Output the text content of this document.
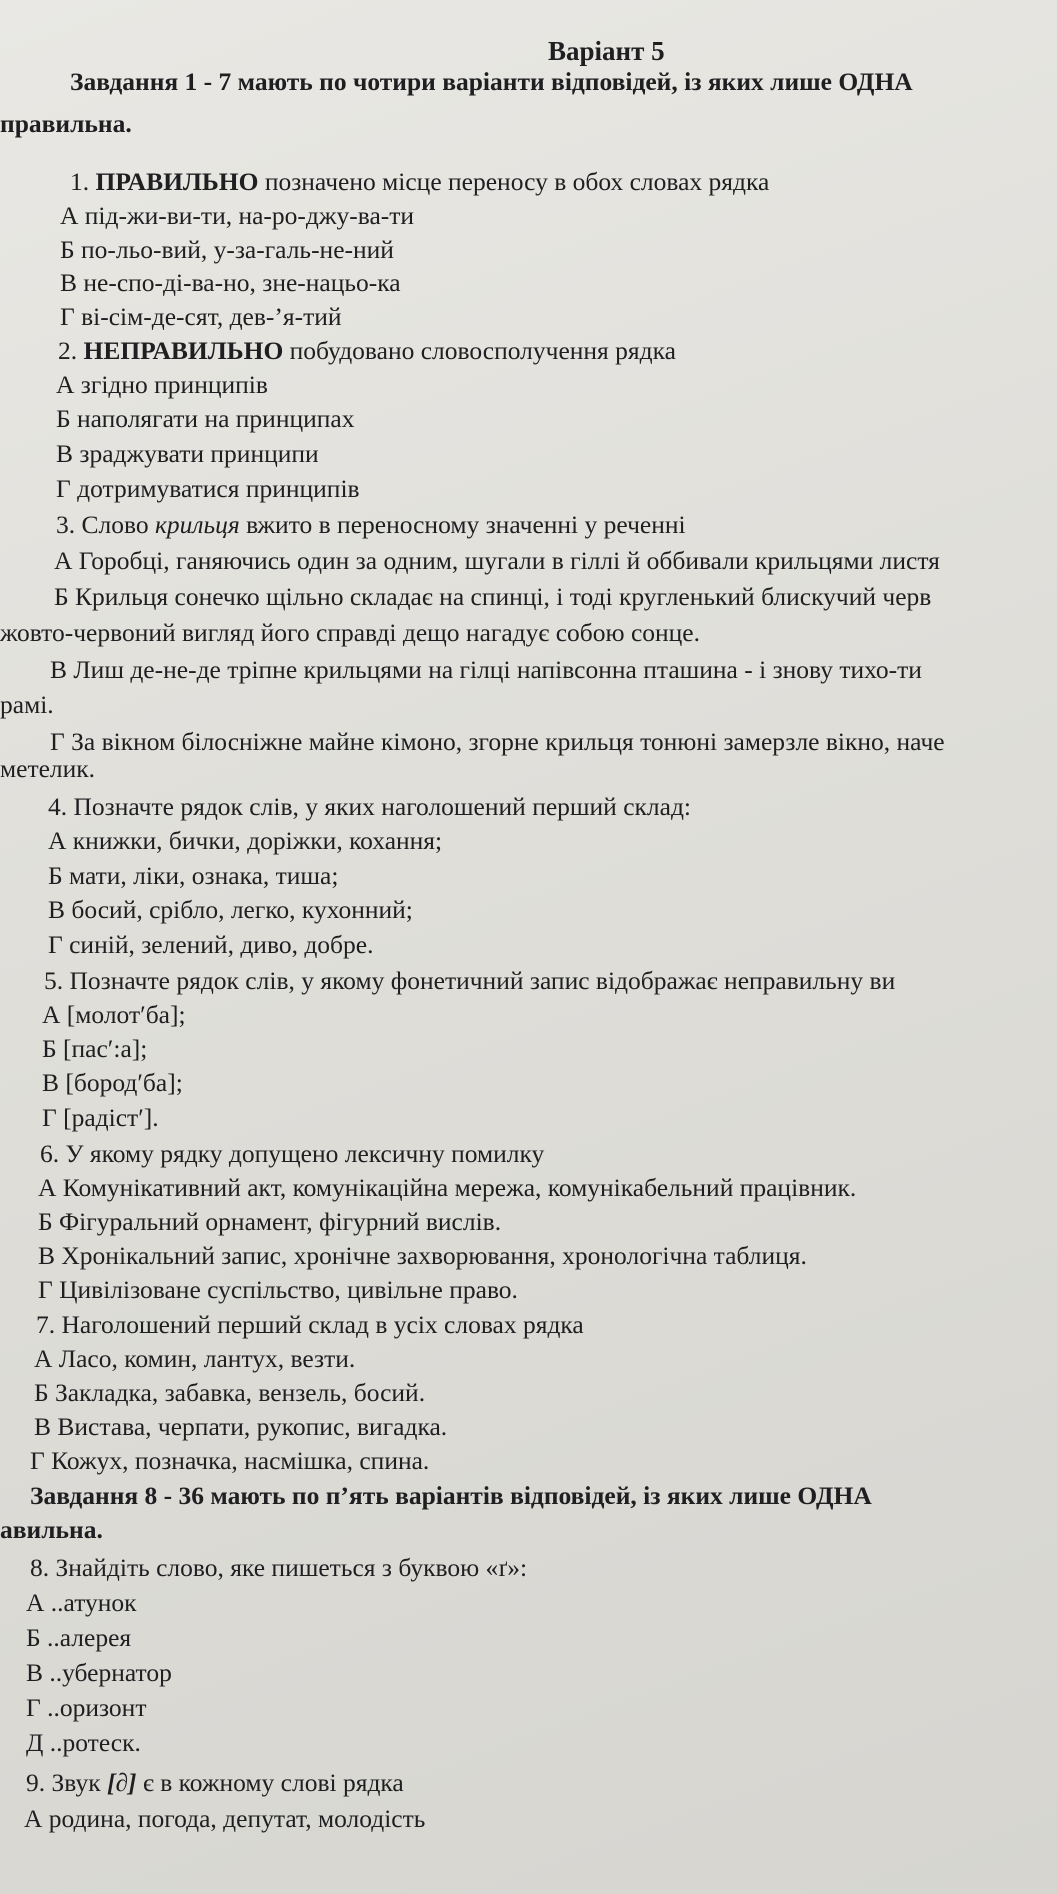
Варіант 5
Завдання 1 - 7 мають по чотири варіанти відповідей, із яких лише ОДНА
правильна.
1. ПРАВИЛЬНО позначено місце переносу в обох словах рядка
А під-жи-ви-ти, на-ро-джу-ва-ти
Б по-льо-вий, у-за-галь-не-ний
В не-спо-ді-ва-но, зне-нацьо-ка
Г ві-сім-де-сят, дев-’я-тий
2. НЕПРАВИЛЬНО побудовано словосполучення рядка
А згідно принципів
Б наполягати на принципах
В зраджувати принципи
Г дотримуватися принципів
3. Слово крильця вжито в переносному значенні у реченні
А Горобці, ганяючись один за одним, шугали в гіллі й оббивали крильцями листя
Б Крильця сонечко щільно складає на спинці, і тоді кругленький блискучий черв
жовто-червоний вигляд його справді дещо нагадує собою сонце.
В Лиш де-не-де тріпне крильцями на гілці напівсонна пташина - і знову тихо-ти
рамі.
Г За вікном білосніжне майне кімоно, згорне крильця тонюні замерзле вікно, наче
метелик.
4. Позначте рядок слів, у яких наголошений перший склад:
А книжки, бички, доріжки, кохання;
Б мати, ліки, ознака, тиша;
В босий, срібло, легко, кухонний;
Г синій, зелений, диво, добре.
5. Позначте рядок слів, у якому фонетичний запис відображає неправильну ви
А [молот′ба];
Б [пас′:а];
В [бород′ба];
Г [радіст′].
6. У якому рядку допущено лексичну помилку
А Комунікативний акт, комунікаційна мережа, комунікабельний працівник.
Б Фігуральний орнамент, фігурний вислів.
В Хронікальний запис, хронічне захворювання, хронологічна таблиця.
Г Цивілізоване суспільство, цивільне право.
7. Наголошений перший склад в усіх словах рядка
А Ласо, комин, лантух, везти.
Б Закладка, забавка, вензель, босий.
В Вистава, черпати, рукопис, вигадка.
Г Кожух, позначка, насмішка, спина.
Завдання 8 - 36 мають по п’ять варіантів відповідей, із яких лише ОДНА
авильна.
8. Знайдіть слово, яке пишеться з буквою «ґ»:
А ..атунок
Б ..алерея
В ..убернатор
Г ..оризонт
Д ..ротеск.
9. Звук [∂] є в кожному слові рядка
А родина, погода, депутат, молодість
